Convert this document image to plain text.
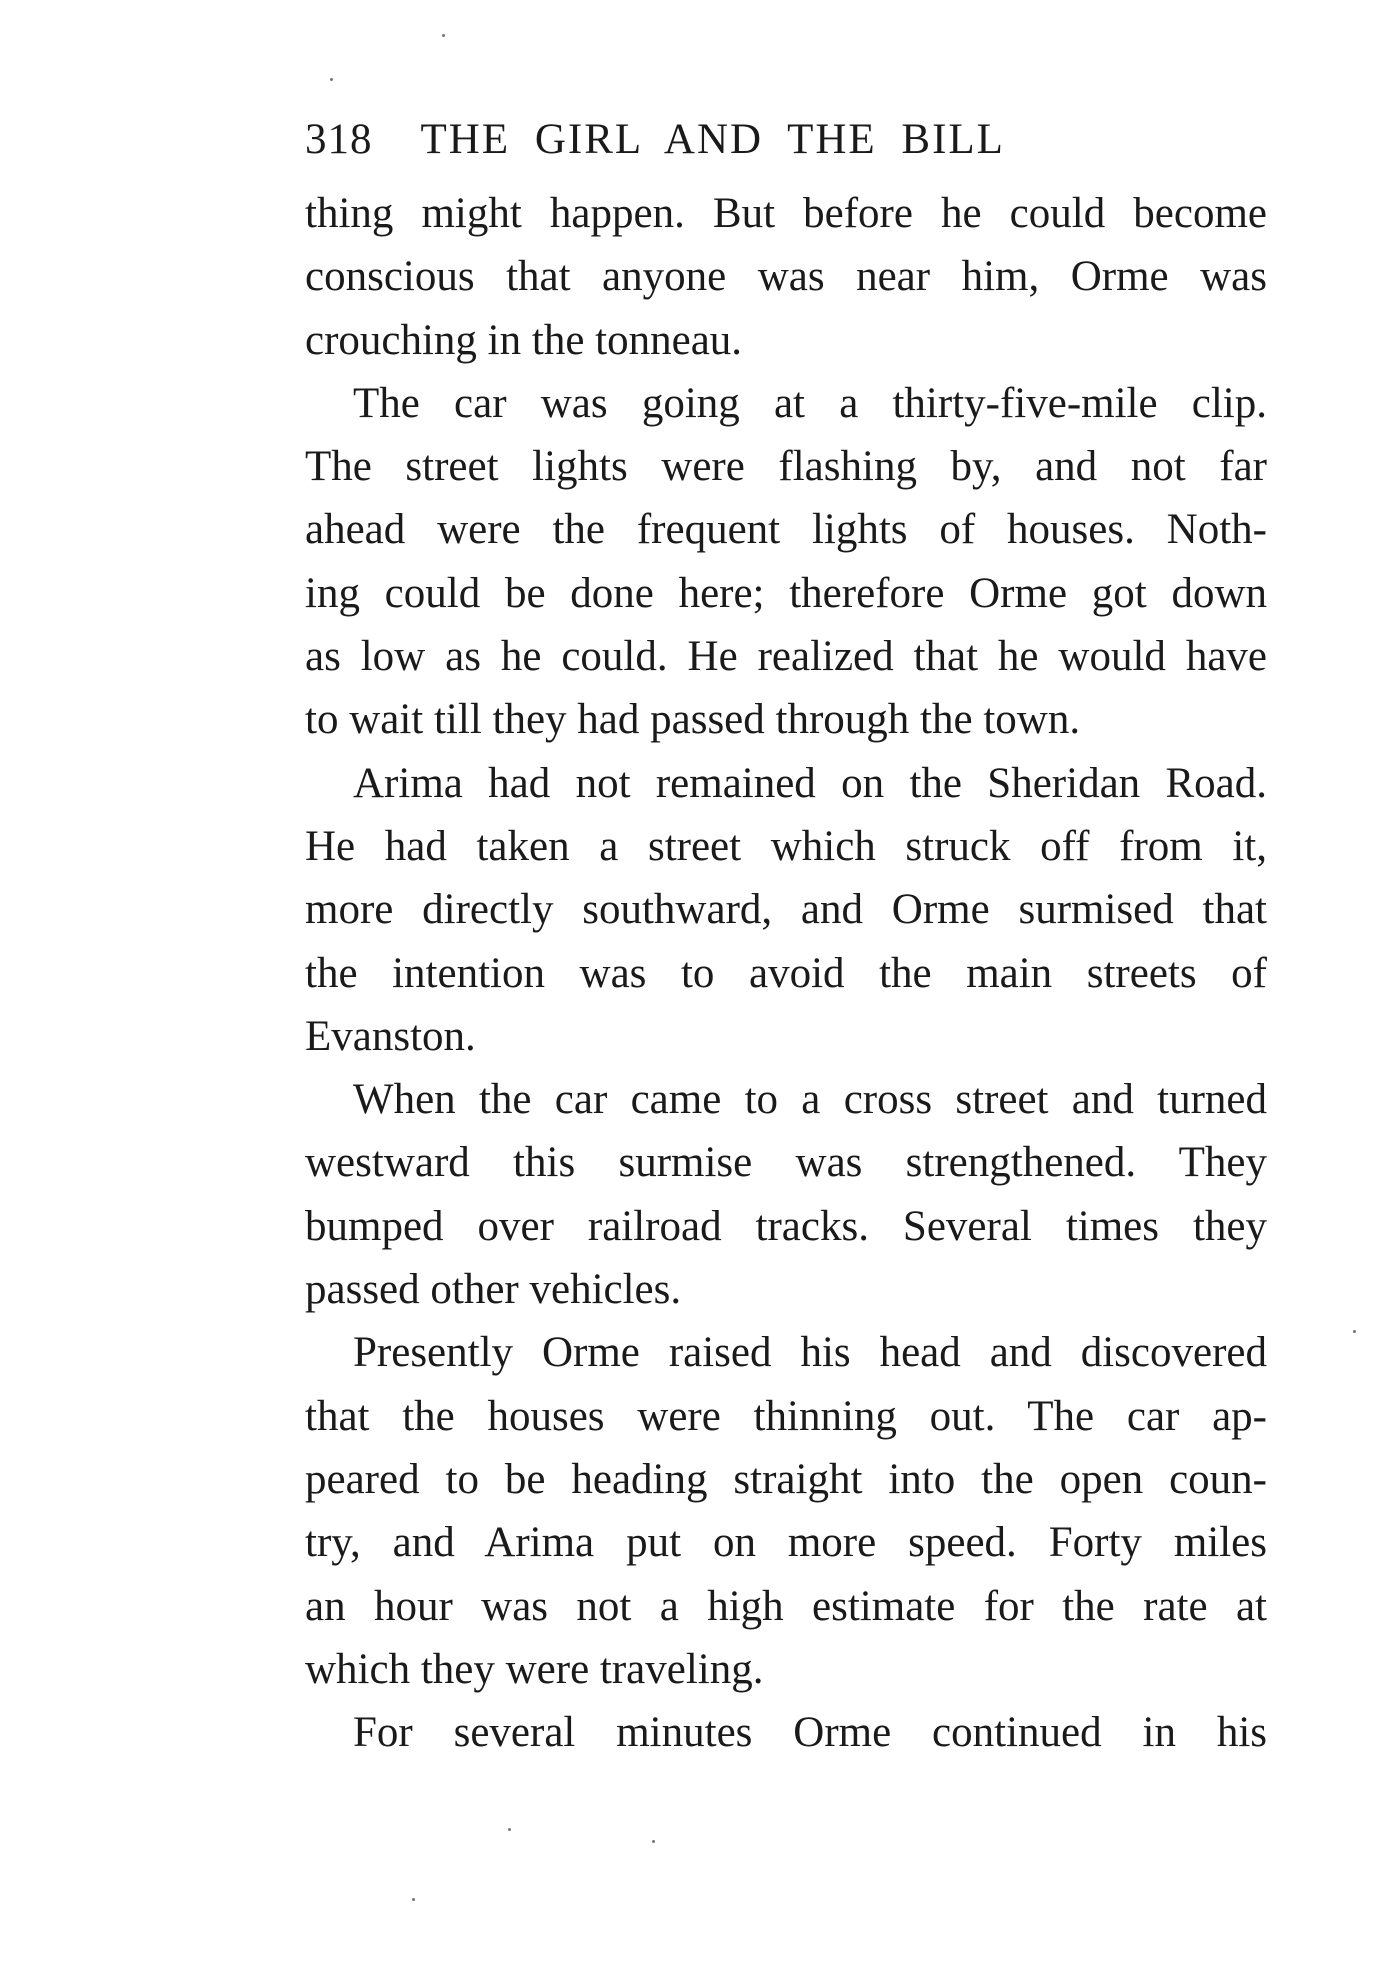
318 THE GIRL AND THE BILL
thing might happen. But before he could become
conscious that anyone was near him, Orme was
crouching in the tonneau.
The car was going at a thirty-five-mile clip.
The street lights were flashing by, and not far
ahead were the frequent lights of houses. Noth-
ing could be done here; therefore Orme got down
as low as he could. He realized that he would have
to wait till they had passed through the town.
Arima had not remained on the Sheridan Road.
He had taken a street which struck off from it,
more directly southward, and Orme surmised that
the intention was to avoid the main streets of
Evanston.
When the car came to a cross street and turned
westward this surmise was strengthened. They
bumped over railroad tracks. Several times they
passed other vehicles.
Presently Orme raised his head and discovered
that the houses were thinning out. The car ap-
peared to be heading straight into the open coun-
try, and Arima put on more speed. Forty miles
an hour was not a high estimate for the rate at
which they were traveling.
For several minutes Orme continued in his
